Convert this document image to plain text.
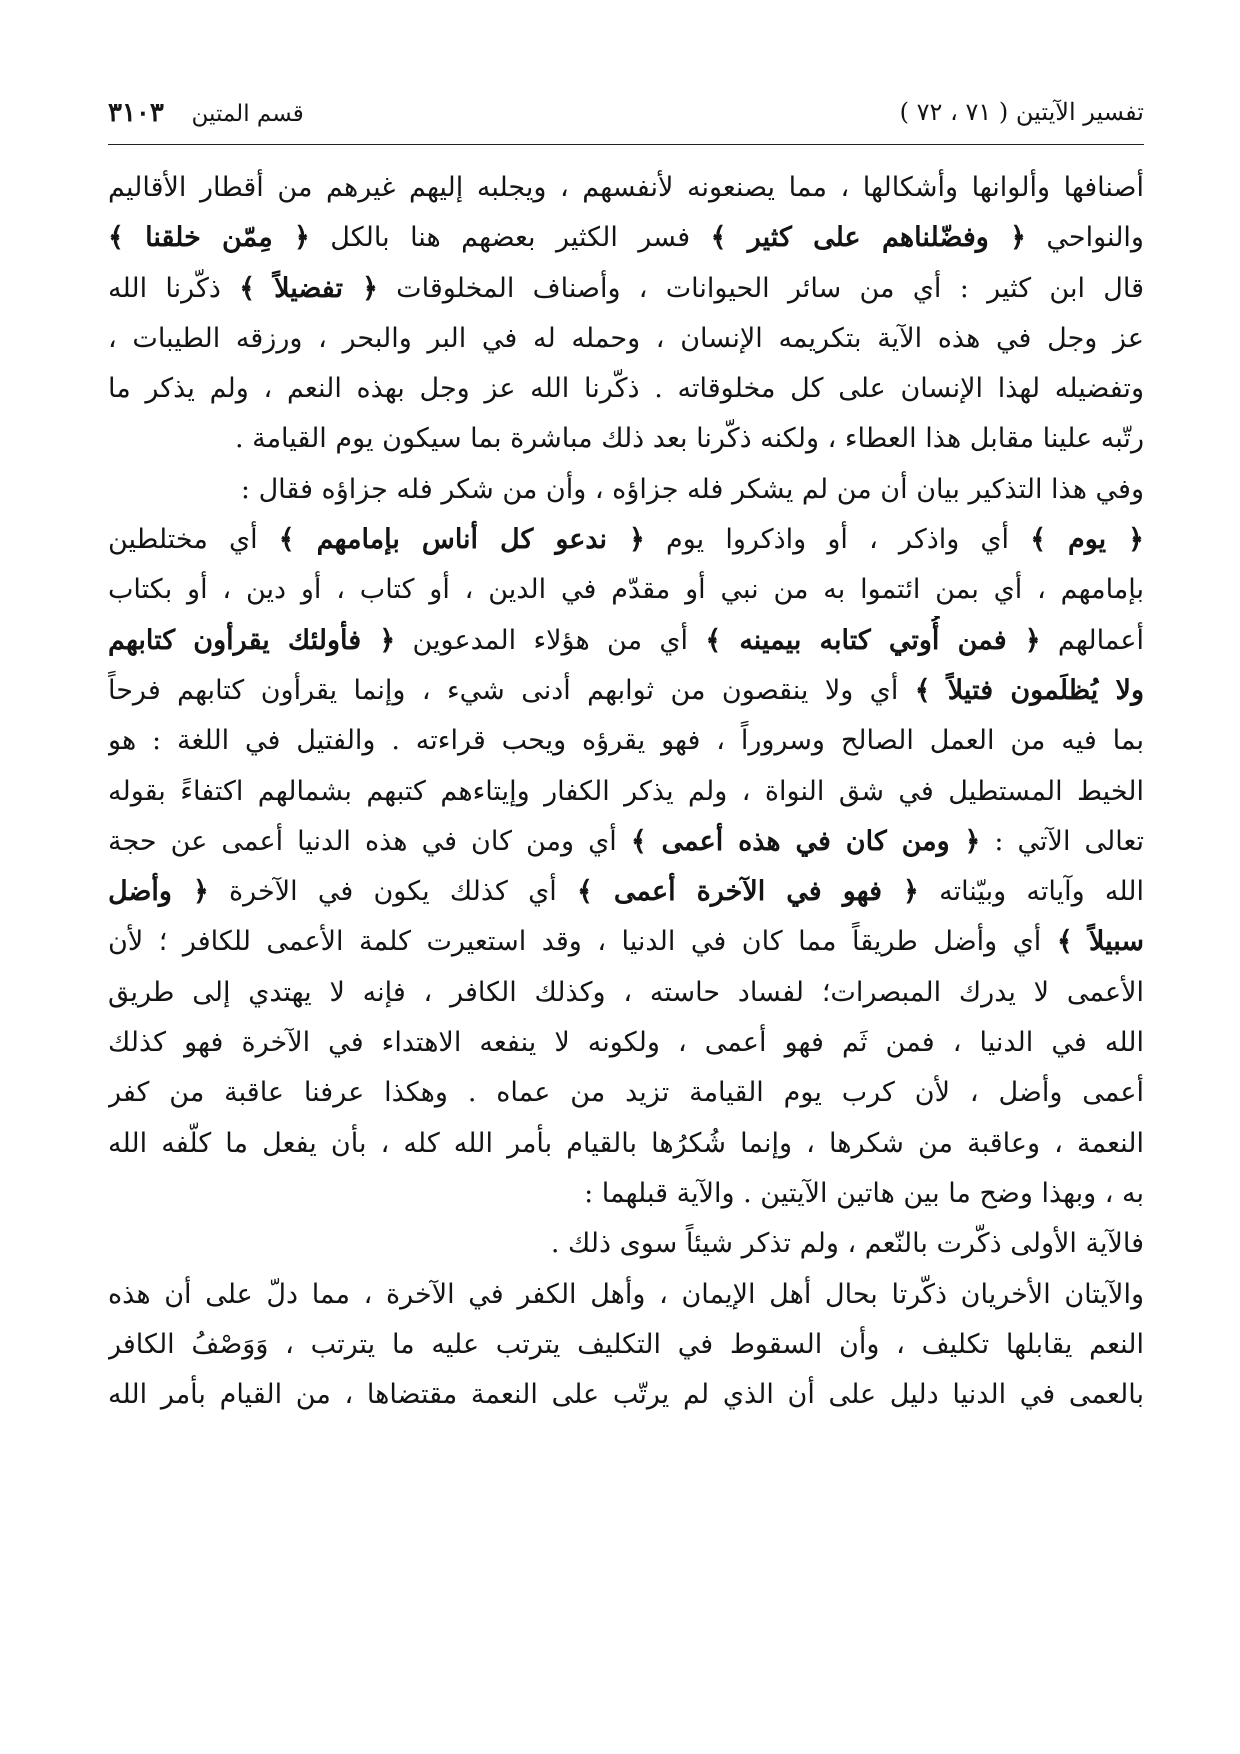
تفسير الآيتين ( ٧١ ، ٧٢ )
قسم المتين ٣١٠٣
أصنافها وألوانها وأشكالها ، مما يصنعونه لأنفسهم ، ويجلبه إليهم غيرهم من أقطار الأقاليم
والنواحي ﴿ وفضّلناهم على كثير ﴾ فسر الكثير بعضهم هنا بالكل ﴿ مِمّن خلقنا ﴾
قال ابن كثير : أي من سائر الحيوانات ، وأصناف المخلوقات ﴿ تفضيلاً ﴾ ذكّرنا الله
عز وجل في هذه الآية بتكريمه الإنسان ، وحمله له في البر والبحر ، ورزقه الطيبات ،
وتفضيله لهذا الإنسان على كل مخلوقاته . ذكّرنا الله عز وجل بهذه النعم ، ولم يذكر ما
رتّبه علينا مقابل هذا العطاء ، ولكنه ذكّرنا بعد ذلك مباشرة بما سيكون يوم القيامة .
وفي هذا التذكير بيان أن من لم يشكر فله جزاؤه ، وأن من شكر فله جزاؤه فقال :
﴿ يوم ﴾ أي واذكر ، أو واذكروا يوم ﴿ ندعو كل أناس بإمامهم ﴾ أي مختلطين
بإمامهم ، أي بمن ائتموا به من نبي أو مقدّم في الدين ، أو كتاب ، أو دين ، أو بكتاب
أعمالهم ﴿ فمن أُوتي كتابه بيمينه ﴾ أي من هؤلاء المدعوين ﴿ فأولئك يقرأون كتابهم
ولا يُظلَمون فتيلاً ﴾ أي ولا ينقصون من ثوابهم أدنى شيء ، وإنما يقرأون كتابهم فرحاً
بما فيه من العمل الصالح وسروراً ، فهو يقرؤه ويحب قراءته . والفتيل في اللغة : هو
الخيط المستطيل في شق النواة ، ولم يذكر الكفار وإيتاءهم كتبهم بشمالهم اكتفاءً بقوله
تعالى الآتي : ﴿ ومن كان في هذه أعمى ﴾ أي ومن كان في هذه الدنيا أعمى عن حجة
الله وآياته وبيّناته ﴿ فهو في الآخرة أعمى ﴾ أي كذلك يكون في الآخرة ﴿ وأضل
سبيلاً ﴾ أي وأضل طريقاً مما كان في الدنيا ، وقد استعيرت كلمة الأعمى للكافر ؛ لأن
الأعمى لا يدرك المبصرات؛ لفساد حاسته ، وكذلك الكافر ، فإنه لا يهتدي إلى طريق
الله في الدنيا ، فمن ثَم فهو أعمى ، ولكونه لا ينفعه الاهتداء في الآخرة فهو كذلك
أعمى وأضل ، لأن كرب يوم القيامة تزيد من عماه . وهكذا عرفنا عاقبة من كفر
النعمة ، وعاقبة من شكرها ، وإنما شُكرُها بالقيام بأمر الله كله ، بأن يفعل ما كلّفه الله
به ، وبهذا وضح ما بين هاتين الآيتين . والآية قبلهما :
فالآية الأولى ذكّرت بالنّعم ، ولم تذكر شيئاً سوى ذلك .
والآيتان الأخريان ذكّرتا بحال أهل الإيمان ، وأهل الكفر في الآخرة ، مما دلّ على أن هذه
النعم يقابلها تكليف ، وأن السقوط في التكليف يترتب عليه ما يترتب ، وَوَصْفُ الكافر
بالعمى في الدنيا دليل على أن الذي لم يرتّب على النعمة مقتضاها ، من القيام بأمر الله
